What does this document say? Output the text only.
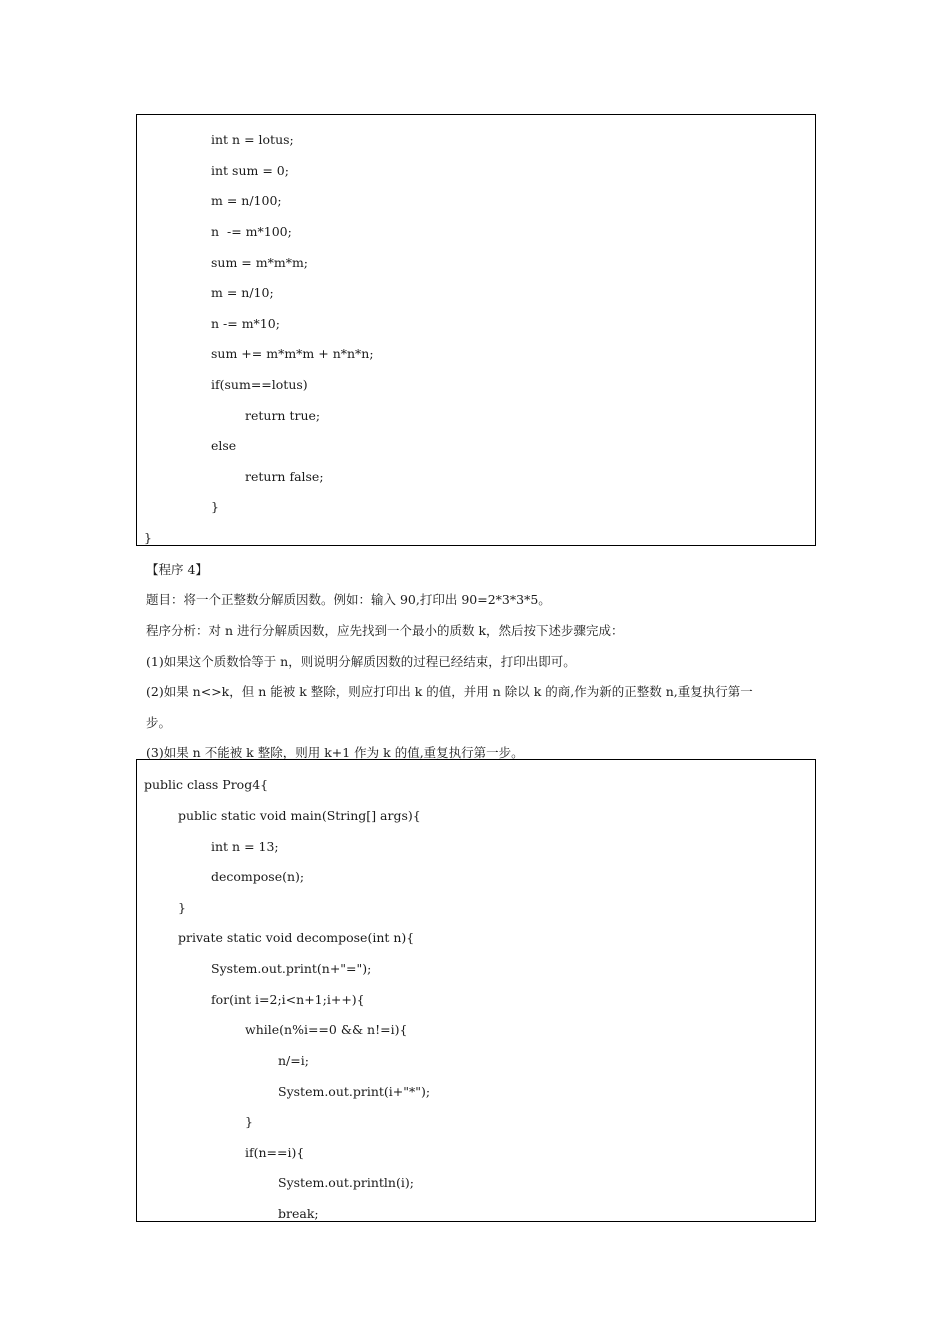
int n = lotus;
int sum = 0;
m = n/100;
n  -= m*100;
sum = m*m*m;
m = n/10;
n -= m*10;
sum += m*m*m + n*n*n;
if(sum==lotus)
return true;
else
return false;
}
}
【程序 4】
题目：将一个正整数分解质因数。例如：输入 90,打印出 90=2*3*3*5。
程序分析：对 n 进行分解质因数，应先找到一个最小的质数 k，然后按下述步骤完成：
(1)如果这个质数恰等于 n，则说明分解质因数的过程已经结束，打印出即可。
(2)如果 n<>k，但 n 能被 k 整除，则应打印出 k 的值，并用 n 除以 k 的商,作为新的正整数 n,重复执行第一
步。
(3)如果 n 不能被 k 整除，则用 k+1 作为 k 的值,重复执行第一步。
public class Prog4{
public static void main(String[] args){
int n = 13;
decompose(n);
}
private static void decompose(int n){
System.out.print(n+"=");
for(int i=2;i<n+1;i++){
while(n%i==0 && n!=i){
n/=i;
System.out.print(i+"*");
}
if(n==i){
System.out.println(i);
break;
